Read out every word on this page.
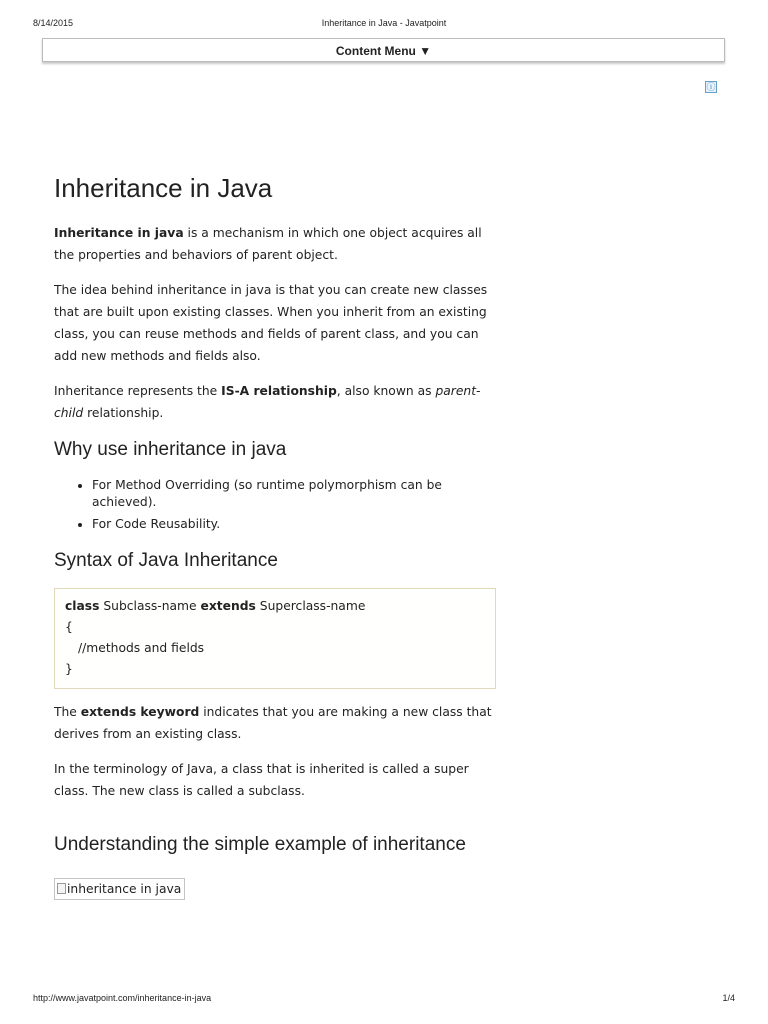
8/14/2015	Inheritance in Java - Javatpoint
Content Menu ▼
ⓘ
Inheritance in Java

Inheritance in java is a mechanism in which one object acquires all the properties and behaviors of parent object.

The idea behind inheritance in java is that you can create new classes that are built upon existing classes. When you inherit from an existing class, you can reuse methods and fields of parent class, and you can add new methods and fields also.

Inheritance represents the IS-A relationship, also known as parent-child relationship.

Why use inheritance in java
• For Method Overriding (so runtime polymorphism can be achieved).
• For Code Reusability.
Syntax of Java Inheritance
class Subclass-name extends Superclass-name
{
//methods and fields
}

The extends keyword indicates that you are making a new class that derives from an existing class.

In the terminology of Java, a class that is inherited is called a super class. The new class is called a subclass.

Understanding the simple example of inheritance
inheritance in java
http://www.javatpoint.com/inheritance-in-java	1/4
